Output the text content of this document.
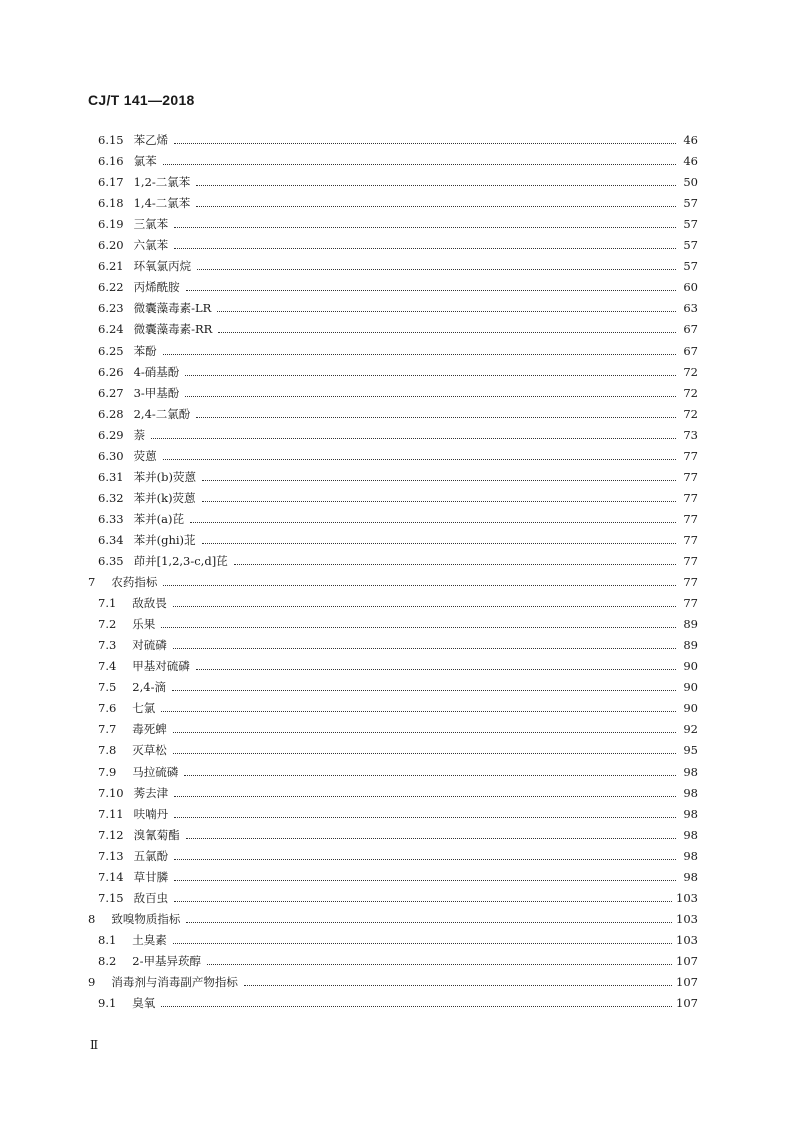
CJ/T 141—2018
6.15 苯乙烯	46
6.16 氯苯	46
6.17 1,2-二氯苯	50
6.18 1,4-二氯苯	57
6.19 三氯苯	57
6.20 六氯苯	57
6.21 环氧氯丙烷	57
6.22 丙烯酰胺	60
6.23 微囊藻毒素-LR	63
6.24 微囊藻毒素-RR	67
6.25 苯酚	67
6.26 4-硝基酚	72
6.27 3-甲基酚	72
6.28 2,4-二氯酚	72
6.29 萘	73
6.30 荧蒽	77
6.31 苯并(b)荧蒽	77
6.32 苯并(k)荧蒽	77
6.33 苯并(a)芘	77
6.34 苯并(ghi)苝	77
6.35 茚并[1,2,3-c,d]芘	77
7 农药指标	77
7.1 敌敌畏	77
7.2 乐果	89
7.3 对硫磷	89
7.4 甲基对硫磷	90
7.5 2,4-滴	90
7.6 七氯	90
7.7 毒死蜱	92
7.8 灭草松	95
7.9 马拉硫磷	98
7.10 莠去津	98
7.11 呋喃丹	98
7.12 溴氰菊酯	98
7.13 五氯酚	98
7.14 草甘膦	98
7.15 敌百虫	103
8 致嗅物质指标	103
8.1 土臭素	103
8.2 2-甲基异莰醇	107
9 消毒剂与消毒副产物指标	107
9.1 臭氧	107
Ⅱ
